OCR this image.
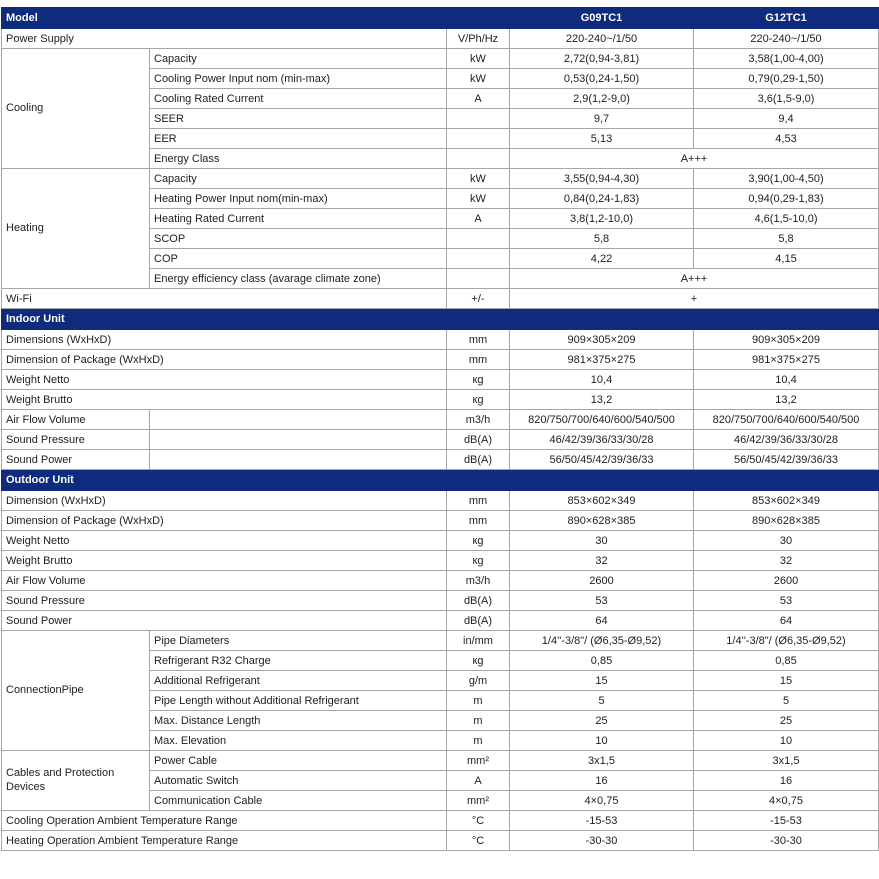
Model			G09TC1	G12TC1
Power Supply		V/Ph/Hz	220-240~/1/50	220-240~/1/50
Cooling	Capacity	kW	2,72(0,94-3,81)	3,58(1,00-4,00)
	Cooling Power Input nom (min-max)	kW	0,53(0,24-1,50)	0,79(0,29-1,50)
	Cooling Rated Current	A	2,9(1,2-9,0)	3,6(1,5-9,0)
	SEER		9,7	9,4
	EER		5,13	4,53
	Energy Class		A+++	
Heating	Capacity	kW	3,55(0,94-4,30)	3,90(1,00-4,50)
	Heating Power Input nom(min-max)	kW	0,84(0,24-1,83)	0,94(0,29-1,83)
	Heating Rated Current	A	3,8(1,2-10,0)	4,6(1,5-10,0)
	SCOP		5,8	5,8
	COP		4,22	4,15
	Energy efficiency class (avarage climate zone)		A+++	
Wi-Fi		+/-	+	
Indoor Unit				
Dimensions (WxHxD)		mm	909×305×209	909×305×209
Dimension of Package (WxHxD)		mm	981×375×275	981×375×275
Weight Netto		кg	10,4	10,4
Weight Brutto		кg	13,2	13,2
Air Flow Volume		m3/h	820/750/700/640/600/540/500	820/750/700/640/600/540/500
Sound Pressure		dB(A)	46/42/39/36/33/30/28	46/42/39/36/33/30/28
Sound Power		dB(A)	56/50/45/42/39/36/33	56/50/45/42/39/36/33
Outdoor Unit				
Dimension (WxHxD)		mm	853×602×349	853×602×349
Dimension of Package (WxHxD)		mm	890×628×385	890×628×385
Weight Netto		кg	30	30
Weight Brutto		кg	32	32
Air Flow Volume		m3/h	2600	2600
Sound Pressure		dB(A)	53	53
Sound Power		dB(A)	64	64
ConnectionPipe	Pipe Diameters	in/mm	1/4''-3/8"/ (Ø6,35-Ø9,52)	1/4''-3/8"/ (Ø6,35-Ø9,52)
	Refrigerant R32 Charge	кg	0,85	0,85
	Additional Refrigerant	g/m	15	15
	Pipe Length without Additional Refrigerant	m	5	5
	Max. Distance Length	m	25	25
	Max. Elevation	m	10	10
Cables and Protection Devices	Power Cable	mm²	3x1,5	3x1,5
	Automatic Switch	A	16	16
	Communication Cable	mm²	4×0,75	4×0,75
Cooling Operation Ambient Temperature Range		°C	-15-53	-15-53
Heating Operation Ambient Temperature Range		°C	-30-30	-30-30
